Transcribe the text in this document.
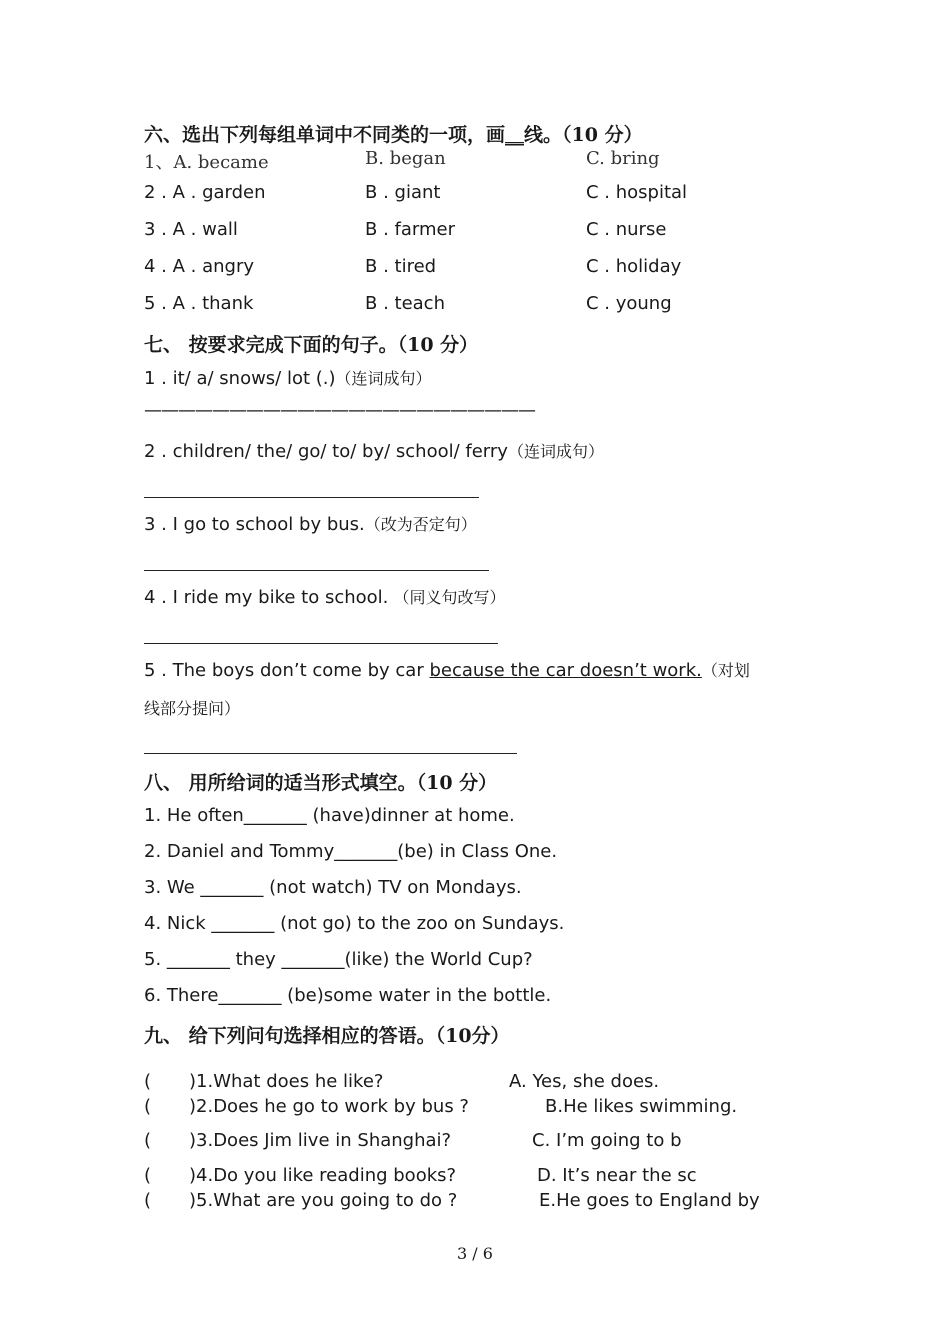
六、选出下列每组单词中不同类的一项，画__线。（10 分）
1、A. became	B. began	C. bring
2 . A . garden	B . giant	C . hospital
3 . A . wall	B . farmer	C . nurse
4 . A . angry	B . tired	C . holiday
5 . A . thank	B . teach	C . young
七、 按要求完成下面的句子。（10 分）
1 . it/ a/ snows/ lot (.)（连词成句）
———————————————————————
2 . children/ the/ go/ to/ by/ school/ ferry（连词成句）
3 . I go to school by bus.（改为否定句）
4 . I ride my bike to school. （同义句改写）
5 . The boys don’t come by car because the car doesn’t work.（对划
线部分提问）
八、 用所给词的适当形式填空。（10 分）
1. He often_______ (have)dinner at home.
2. Daniel and Tommy_______(be) in Class One.
3. We _______ (not watch) TV on Mondays.
4. Nick _______ (not go) to the zoo on Sundays.
5. _______ they _______(like) the World Cup?
6. There_______ (be)some water in the bottle.
九、 给下列问句选择相应的答语。（10分）
( )1.What does he like?	A. Yes, she does.
( )2.Does he go to work by bus ?	B.He likes swimming.
( )3.Does Jim live in Shanghai?	C. I’m going to b
( )4.Do you like reading books?	D. It’s near the sc
( )5.What are you going to do ?	E.He goes to England by
3 / 6
